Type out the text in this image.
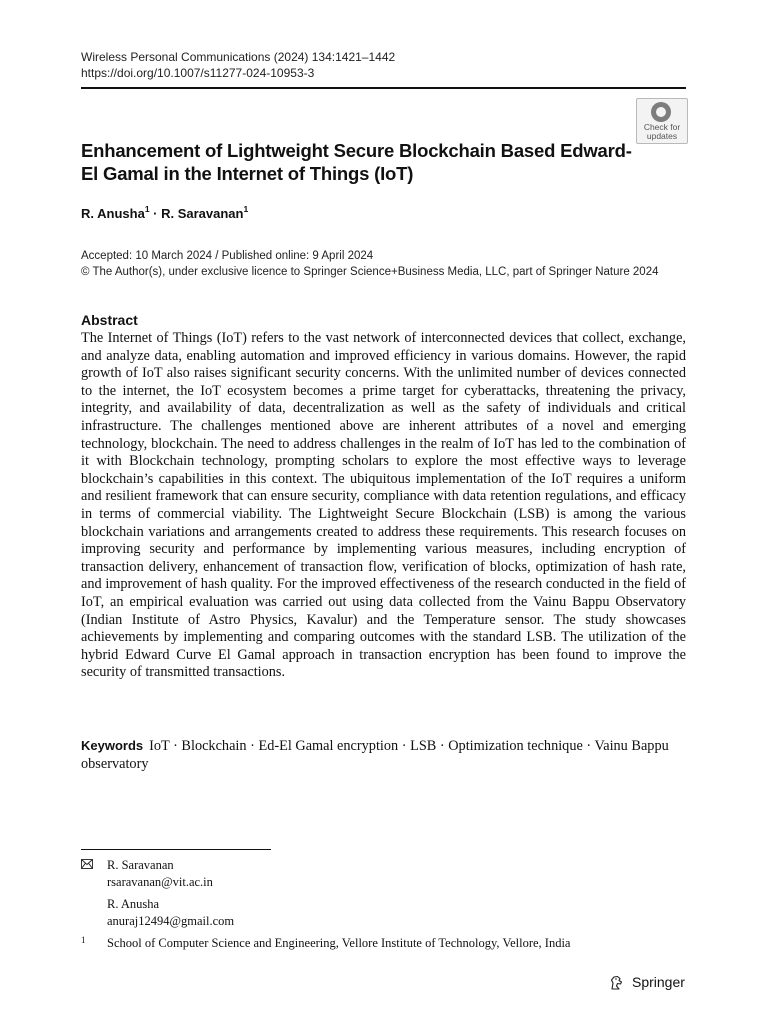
Wireless Personal Communications (2024) 134:1421–1442
https://doi.org/10.1007/s11277-024-10953-3
Check for
updates
Enhancement of Lightweight Secure Blockchain Based Edward-El Gamal in the Internet of Things (IoT)
R. Anusha$^1$ · R. Saravanan$^1$
Accepted: 10 March 2024 / Published online: 9 April 2024
© The Author(s), under exclusive licence to Springer Science+Business Media, LLC, part of Springer Nature 2024
Abstract

The Internet of Things (IoT) refers to the vast network of interconnected devices that collect, exchange, and analyze data, enabling automation and improved efficiency in various domains. However, the rapid growth of IoT also raises significant security concerns. With the unlimited number of devices connected to the internet, the IoT ecosystem becomes a prime target for cyberattacks, threatening the privacy, integrity, and availability of data, decentralization as well as the safety of individuals and critical infrastructure. The challenges mentioned above are inherent attributes of a novel and emerging technology, blockchain. The need to address challenges in the realm of IoT has led to the combination of it with Blockchain technology, prompting scholars to explore the most effective ways to leverage blockchain’s capabilities in this context. The ubiquitous implementation of the IoT requires a uniform and resilient framework that can ensure security, compliance with data retention regulations, and efficacy in terms of commercial viability. The Lightweight Secure Blockchain (LSB) is among the various blockchain variations and arrangements created to address these requirements. This research focuses on improving security and performance by implementing various measures, including encryption of transaction delivery, enhancement of transaction flow, verification of blocks, optimization of hash rate, and improvement of hash quality. For the improved effectiveness of the research conducted in the field of IoT, an empirical evaluation was carried out using data collected from the Vainu Bappu Observatory (Indian Institute of Astro Physics, Kavalur) and the Temperature sensor. The study showcases achievements by implementing and comparing outcomes with the standard LSB. The utilization of the hybrid Edward Curve El Gamal approach in transaction encryption has been found to improve the security of transmitted transactions.

Keywords IoT · Blockchain · Ed-El Gamal encryption · LSB · Optimization technique · Vainu Bappu observatory
R. Saravanan
rsaravanan@vit.ac.in
R. Anusha
anuraj12494@gmail.com
1 School of Computer Science and Engineering, Vellore Institute of Technology, Vellore, India
Springer
